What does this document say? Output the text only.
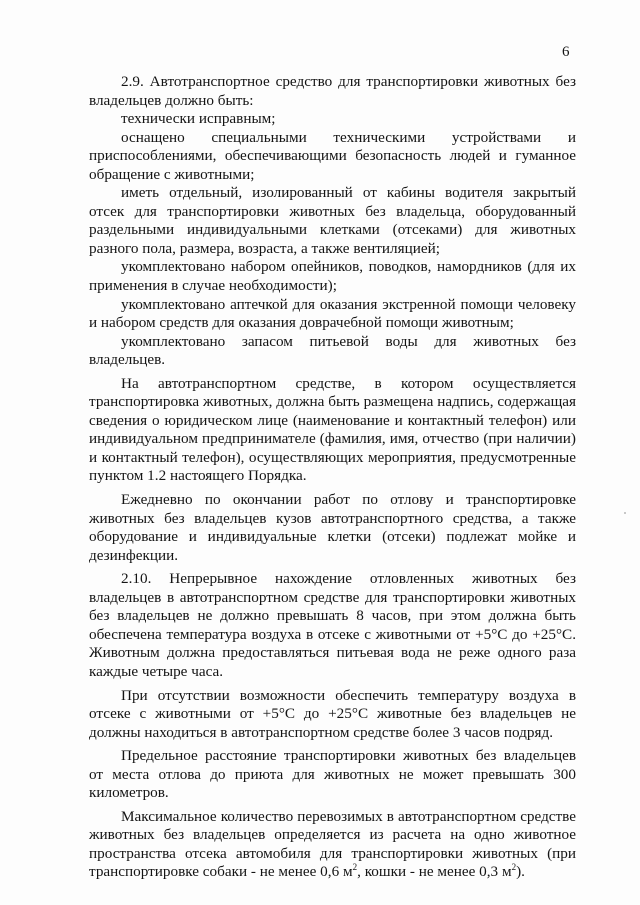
6

2.9. Автотранспортное средство для транспортировки животных без владельцев должно быть:

технически исправным;

оснащено специальными техническими устройствами и приспособлениями, обеспечивающими безопасность людей и гуманное обращение с животными;

иметь отдельный, изолированный от кабины водителя закрытый отсек для транспортировки животных без владельца, оборудованный раздельными индивидуальными клетками (отсеками) для животных разного пола, размера, возраста, а также вентиляцией;

укомплектовано набором опейников, поводков, намордников (для их применения в случае необходимости);

укомплектовано аптечкой для оказания экстренной помощи человеку и набором средств для оказания доврачебной помощи животным;

укомплектовано запасом питьевой воды для животных без владельцев.

На автотранспортном средстве, в котором осуществляется транспортировка животных, должна быть размещена надпись, содержащая сведения о юридическом лице (наименование и контактный телефон) или индивидуальном предпринимателе (фамилия, имя, отчество (при наличии) и контактный телефон), осуществляющих мероприятия, предусмотренные пунктом 1.2 настоящего Порядка.

Ежедневно по окончании работ по отлову и транспортировке животных без владельцев кузов автотранспортного средства, а также оборудование и индивидуальные клетки (отсеки) подлежат мойке и дезинфекции.

2.10. Непрерывное нахождение отловленных животных без владельцев в автотранспортном средстве для транспортировки животных без владельцев не должно превышать 8 часов, при этом должна быть обеспечена температура воздуха в отсеке с животными от +5°С до +25°С. Животным должна предоставляться питьевая вода не реже одного раза каждые четыре часа.

При отсутствии возможности обеспечить температуру воздуха в отсеке с животными от +5°С до +25°С животные без владельцев не должны находиться в автотранспортном средстве более 3 часов подряд.

Предельное расстояние транспортировки животных без владельцев от места отлова до приюта для животных не может превышать 300 километров.

Максимальное количество перевозимых в автотранспортном средстве животных без владельцев определяется из расчета на одно животное пространства отсека автомобиля для транспортировки животных (при транспортировке собаки - не менее 0,6 $м^2$, кошки - не менее 0,3 $м^2$).
